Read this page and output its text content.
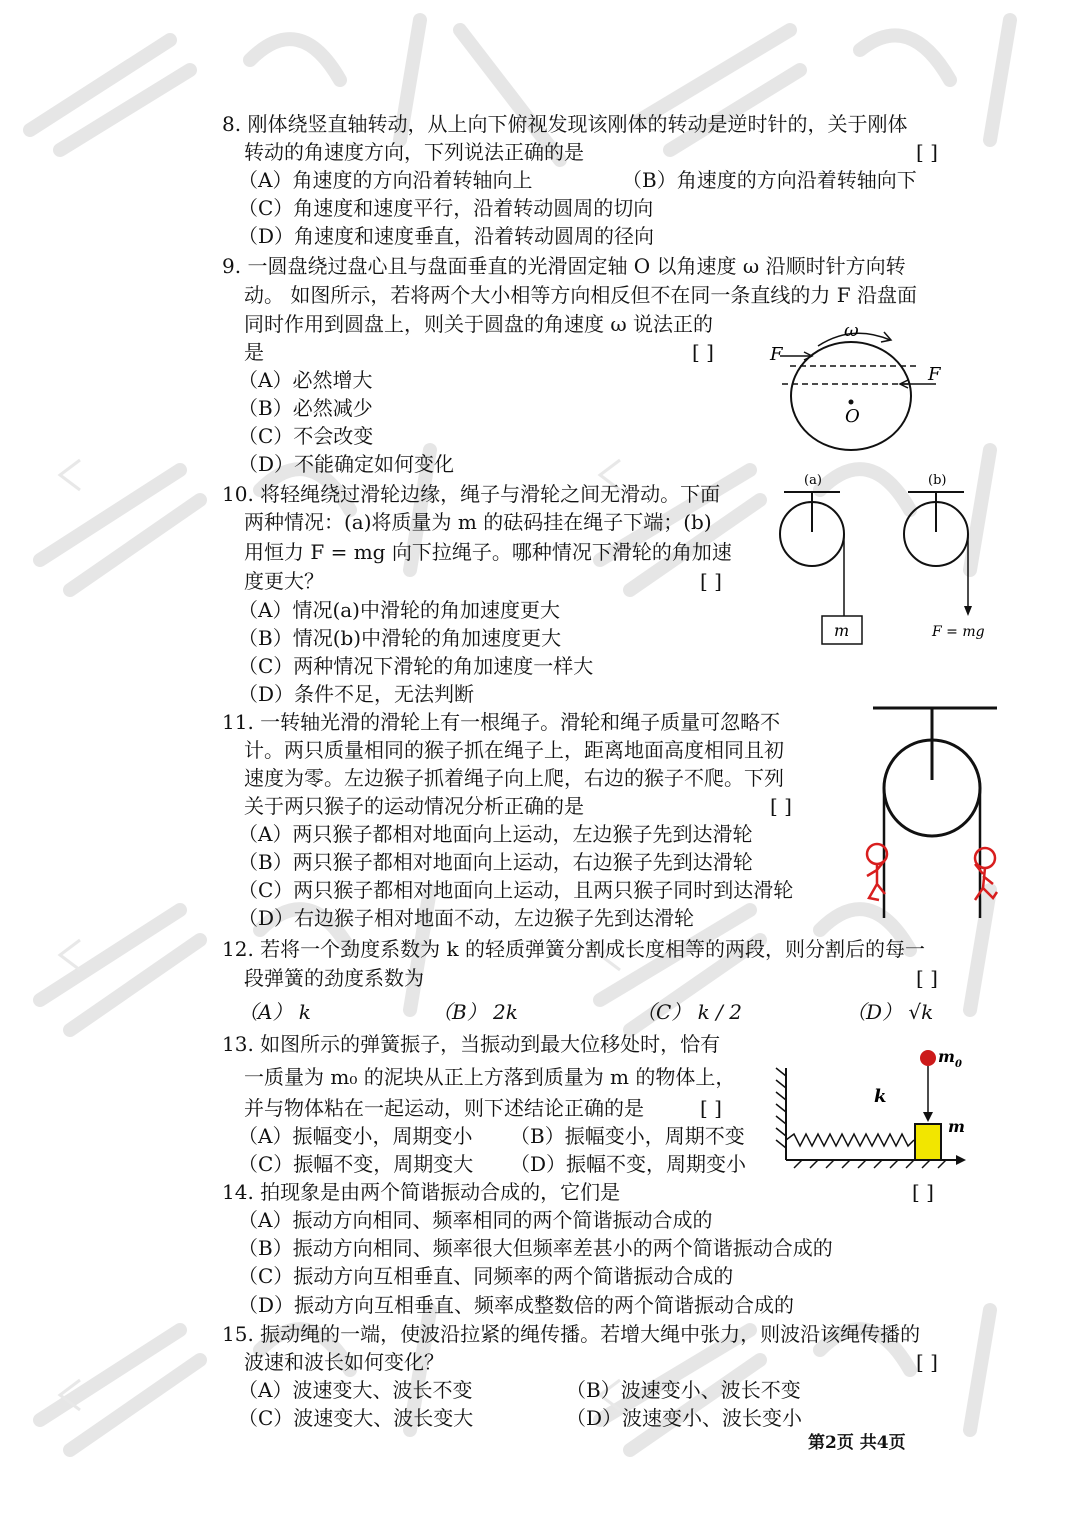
8. 刚体绕竖直轴转动，从上向下俯视发现该刚体的转动是逆时针的，关于刚体
转动的角速度方向，下列说法正确的是	[ ]
（A）角速度的方向沿着转轴向上	（B）角速度的方向沿着转轴向下
（C）角速度和速度平行，沿着转动圆周的切向
（D）角速度和速度垂直，沿着转动圆周的径向
9. 一圆盘绕过盘心且与盘面垂直的光滑固定轴 O 以角速度 ω 沿顺时针方向转
动。 如图所示，若将两个大小相等方向相反但不在同一条直线的力 F 沿盘面
同时作用到圆盘上，则关于圆盘的角速度 ω 说法正的
是	[ ]
（A）必然增大
（B）必然减少
（C）不会改变
（D）不能确定如何变化
ω
F
F
O
10. 将轻绳绕过滑轮边缘，绳子与滑轮之间无滑动。下面
两种情况：(a)将质量为 m 的砝码挂在绳子下端；(b)
用恒力 F = mg 向下拉绳子。哪种情况下滑轮的角加速
度更大？	[ ]
（A）情况(a)中滑轮的角加速度更大
（B）情况(b)中滑轮的角加速度更大
（C）两种情况下滑轮的角加速度一样大
（D）条件不足，无法判断
(a)
m
(b)
F = mg
11. 一转轴光滑的滑轮上有一根绳子。滑轮和绳子质量可忽略不
计。两只质量相同的猴子抓在绳子上，距离地面高度相同且初
速度为零。左边猴子抓着绳子向上爬，右边的猴子不爬。下列
关于两只猴子的运动情况分析正确的是	[ ]
（A）两只猴子都相对地面向上运动，左边猴子先到达滑轮
（B）两只猴子都相对地面向上运动，右边猴子先到达滑轮
（C）两只猴子都相对地面向上运动，且两只猴子同时到达滑轮
（D）右边猴子相对地面不动，左边猴子先到达滑轮
12. 若将一个劲度系数为 k 的轻质弹簧分割成长度相等的两段，则分割后的每一
段弹簧的劲度系数为	[ ]
（A） k	（B） 2k	（C） k / 2	（D） √k
13. 如图所示的弹簧振子，当振动到最大位移处时，恰有
一质量为 m₀ 的泥块从正上方落到质量为 m 的物体上，
并与物体粘在一起运动，则下述结论正确的是	[ ]
（A）振幅变小，周期变小 （B）振幅变小，周期不变
（C）振幅不变，周期变大 （D）振幅不变，周期变小
k
m
$m_0$
14. 拍现象是由两个简谐振动合成的，它们是	[ ]
（A）振动方向相同、频率相同的两个简谐振动合成的
（B）振动方向相同、频率很大但频率差甚小的两个简谐振动合成的
（C）振动方向互相垂直、同频率的两个简谐振动合成的
（D）振动方向互相垂直、频率成整数倍的两个简谐振动合成的
15. 振动绳的一端，使波沿拉紧的绳传播。若增大绳中张力，则波沿该绳传播的
波速和波长如何变化？	[ ]
（A）波速变大、波长不变	（B）波速变小、波长不变
（C）波速变大、波长变大	（D）波速变小、波长变小
第2页 共4页
